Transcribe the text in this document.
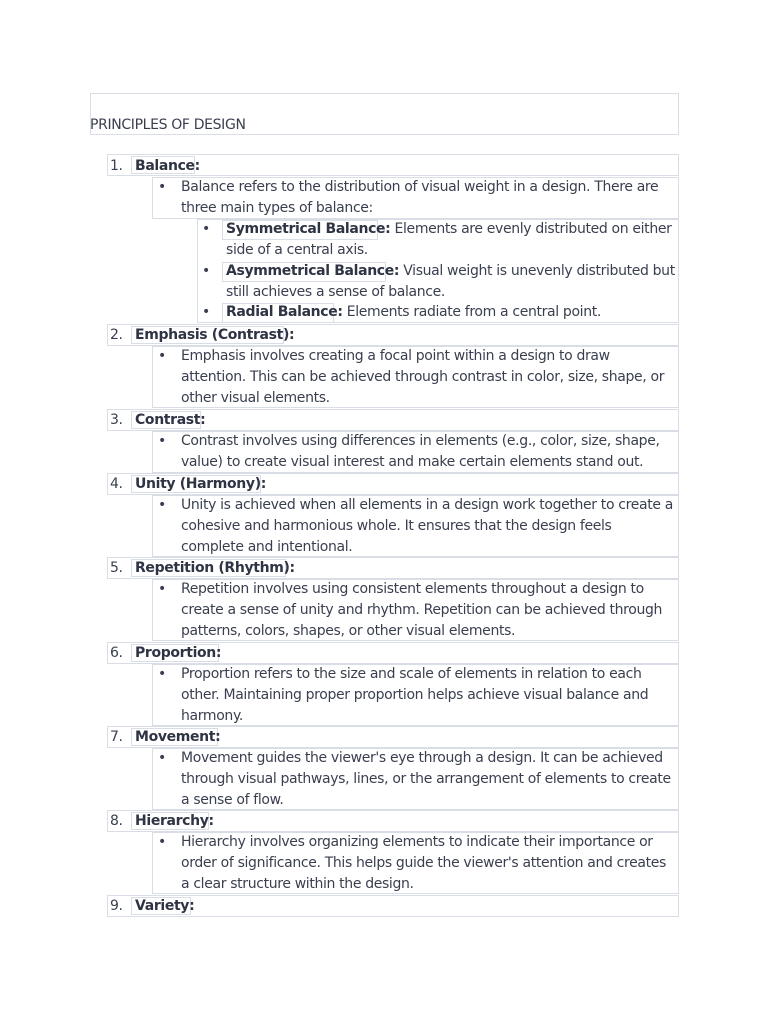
PRINCIPLES OF DESIGN
1. Balance:
• Balance refers to the distribution of visual weight in a design. There are three main types of balance:
• Symmetrical Balance: Elements are evenly distributed on either side of a central axis.
• Asymmetrical Balance: Visual weight is unevenly distributed but still achieves a sense of balance.
• Radial Balance: Elements radiate from a central point.
2. Emphasis (Contrast):
• Emphasis involves creating a focal point within a design to draw attention. This can be achieved through contrast in color, size, shape, or other visual elements.
3. Contrast:
• Contrast involves using differences in elements (e.g., color, size, shape, value) to create visual interest and make certain elements stand out.
4. Unity (Harmony):
• Unity is achieved when all elements in a design work together to create a cohesive and harmonious whole. It ensures that the design feels complete and intentional.
5. Repetition (Rhythm):
• Repetition involves using consistent elements throughout a design to create a sense of unity and rhythm. Repetition can be achieved through patterns, colors, shapes, or other visual elements.
6. Proportion:
• Proportion refers to the size and scale of elements in relation to each other. Maintaining proper proportion helps achieve visual balance and harmony.
7. Movement:
• Movement guides the viewer's eye through a design. It can be achieved through visual pathways, lines, or the arrangement of elements to create a sense of flow.
8. Hierarchy:
• Hierarchy involves organizing elements to indicate their importance or order of significance. This helps guide the viewer's attention and creates a clear structure within the design.
9. Variety:
